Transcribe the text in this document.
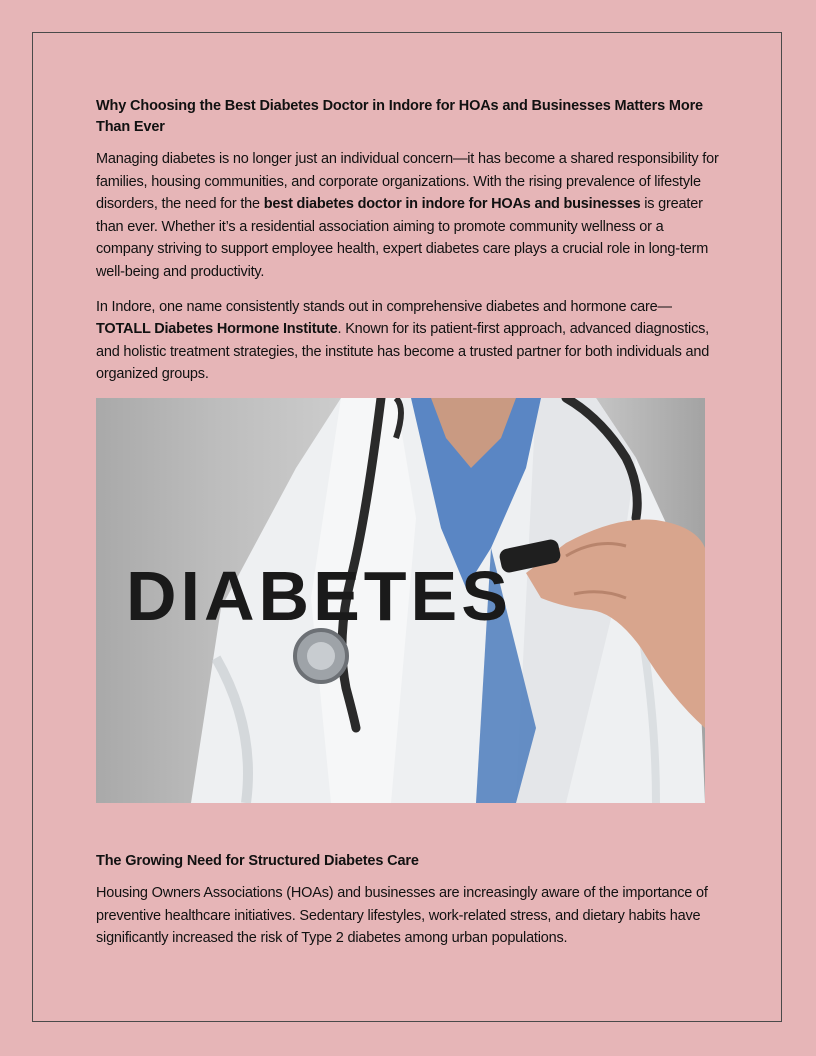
Why Choosing the Best Diabetes Doctor in Indore for HOAs and Businesses Matters More Than Ever

Managing diabetes is no longer just an individual concern—it has become a shared responsibility for families, housing communities, and corporate organizations. With the rising prevalence of lifestyle disorders, the need for the best diabetes doctor in indore for HOAs and businesses is greater than ever. Whether it’s a residential association aiming to promote community wellness or a company striving to support employee health, expert diabetes care plays a crucial role in long-term well-being and productivity.

In Indore, one name consistently stands out in comprehensive diabetes and hormone care—TOTALL Diabetes Hormone Institute. Known for its patient-first approach, advanced diagnostics, and holistic treatment strategies, the institute has become a trusted partner for both individuals and organized groups.

DIABETES
The Growing Need for Structured Diabetes Care

Housing Owners Associations (HOAs) and businesses are increasingly aware of the importance of preventive healthcare initiatives. Sedentary lifestyles, work-related stress, and dietary habits have significantly increased the risk of Type 2 diabetes among urban populations.
